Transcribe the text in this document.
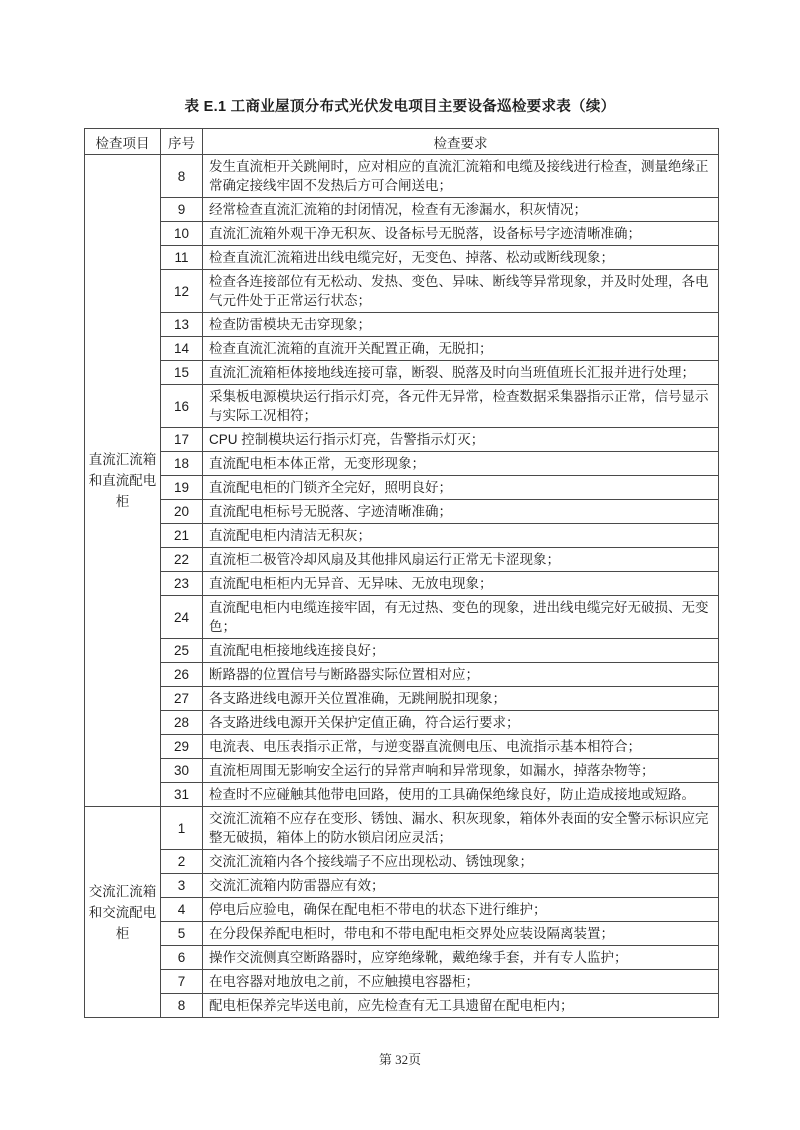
表 E.1 工商业屋顶分布式光伏发电项目主要设备巡检要求表（续）
检查项目	序号	检查要求
直流汇流箱和直流配电柜	8	发生直流柜开关跳闸时，应对相应的直流汇流箱和电缆及接线进行检查，测量绝缘正常确定接线牢固不发热后方可合闸送电；
	9	经常检查直流汇流箱的封闭情况，检查有无渗漏水，积灰情况；
	10	直流汇流箱外观干净无积灰、设备标号无脱落，设备标号字迹清晰准确；
	11	检查直流汇流箱进出线电缆完好，无变色、掉落、松动或断线现象；
	12	检查各连接部位有无松动、发热、变色、异味、断线等异常现象，并及时处理，各电气元件处于正常运行状态；
	13	检查防雷模块无击穿现象；
	14	检查直流汇流箱的直流开关配置正确，无脱扣；
	15	直流汇流箱柜体接地线连接可靠，断裂、脱落及时向当班值班长汇报并进行处理；
	16	采集板电源模块运行指示灯亮，各元件无异常，检查数据采集器指示正常，信号显示与实际工况相符；
	17	CPU 控制模块运行指示灯亮，告警指示灯灭；
	18	直流配电柜本体正常，无变形现象；
	19	直流配电柜的门锁齐全完好，照明良好；
	20	直流配电柜标号无脱落、字迹清晰准确；
	21	直流配电柜内清洁无积灰；
	22	直流柜二极管冷却风扇及其他排风扇运行正常无卡涩现象；
	23	直流配电柜柜内无异音、无异味、无放电现象；
	24	直流配电柜内电缆连接牢固，有无过热、变色的现象，进出线电缆完好无破损、无变色；
	25	直流配电柜接地线连接良好；
	26	断路器的位置信号与断路器实际位置相对应；
	27	各支路进线电源开关位置准确，无跳闸脱扣现象；
	28	各支路进线电源开关保护定值正确，符合运行要求；
	29	电流表、电压表指示正常，与逆变器直流侧电压、电流指示基本相符合；
	30	直流柜周围无影响安全运行的异常声响和异常现象，如漏水，掉落杂物等；
	31	检查时不应碰触其他带电回路，使用的工具确保绝缘良好，防止造成接地或短路。
交流汇流箱和交流配电柜	1	交流汇流箱不应存在变形、锈蚀、漏水、积灰现象，箱体外表面的安全警示标识应完整无破损，箱体上的防水锁启闭应灵活；
	2	交流汇流箱内各个接线端子不应出现松动、锈蚀现象；
	3	交流汇流箱内防雷器应有效；
	4	停电后应验电，确保在配电柜不带电的状态下进行维护；
	5	在分段保养配电柜时，带电和不带电配电柜交界处应装设隔离装置；
	6	操作交流侧真空断路器时，应穿绝缘靴，戴绝缘手套，并有专人监护；
	7	在电容器对地放电之前，不应触摸电容器柜；
	8	配电柜保养完毕送电前，应先检查有无工具遗留在配电柜内；
第 32页
